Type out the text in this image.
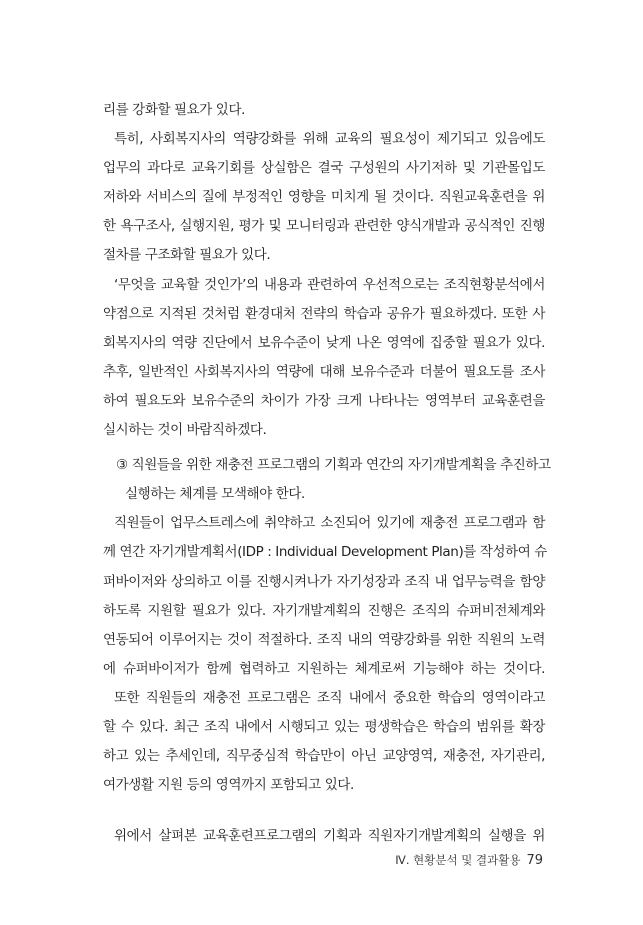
리를 강화할 필요가 있다.
특히, 사회복지사의 역량강화를 위해 교육의 필요성이 제기되고 있음에도
업무의 과다로 교육기회를 상실함은 결국 구성원의 사기저하 및 기관몰입도
저하와 서비스의 질에 부정적인 영향을 미치게 될 것이다. 직원교육훈련을 위
한 욕구조사, 실행지원, 평가 및 모니터링과 관련한 양식개발과 공식적인 진행
절차를 구조화할 필요가 있다.
‘무엇을 교육할 것인가’의 내용과 관련하여 우선적으로는 조직현황분석에서
약점으로 지적된 것처럼 환경대처 전략의 학습과 공유가 필요하겠다. 또한 사
회복지사의 역량 진단에서 보유수준이 낮게 나온 영역에 집중할 필요가 있다.
추후, 일반적인 사회복지사의 역량에 대해 보유수준과 더불어 필요도를 조사
하여 필요도와 보유수준의 차이가 가장 크게 나타나는 영역부터 교육훈련을
실시하는 것이 바람직하겠다.
③ 직원들을 위한 재충전 프로그램의 기획과 연간의 자기개발계획을 추진하고
실행하는 체계를 모색해야 한다.
직원들이 업무스트레스에 취약하고 소진되어 있기에 재충전 프로그램과 함
께 연간 자기개발계획서(IDP : Individual Development Plan)를 작성하여 슈
퍼바이저와 상의하고 이를 진행시켜나가 자기성장과 조직 내 업무능력을 함양
하도록 지원할 필요가 있다. 자기개발계획의 진행은 조직의 슈퍼비전체계와
연동되어 이루어지는 것이 적절하다. 조직 내의 역량강화를 위한 직원의 노력
에 슈퍼바이저가 함께 협력하고 지원하는 체계로써 기능해야 하는 것이다.
또한 직원들의 재충전 프로그램은 조직 내에서 중요한 학습의 영역이라고
할 수 있다. 최근 조직 내에서 시행되고 있는 평생학습은 학습의 범위를 확장
하고 있는 추세인데, 직무중심적 학습만이 아닌 교양영역, 재충전, 자기관리,
여가생활 지원 등의 영역까지 포함되고 있다.
위에서 살펴본 교육훈련프로그램의 기획과 직원자기개발계획의 실행을 위
Ⅳ. 현황분석 및 결과활용 79
